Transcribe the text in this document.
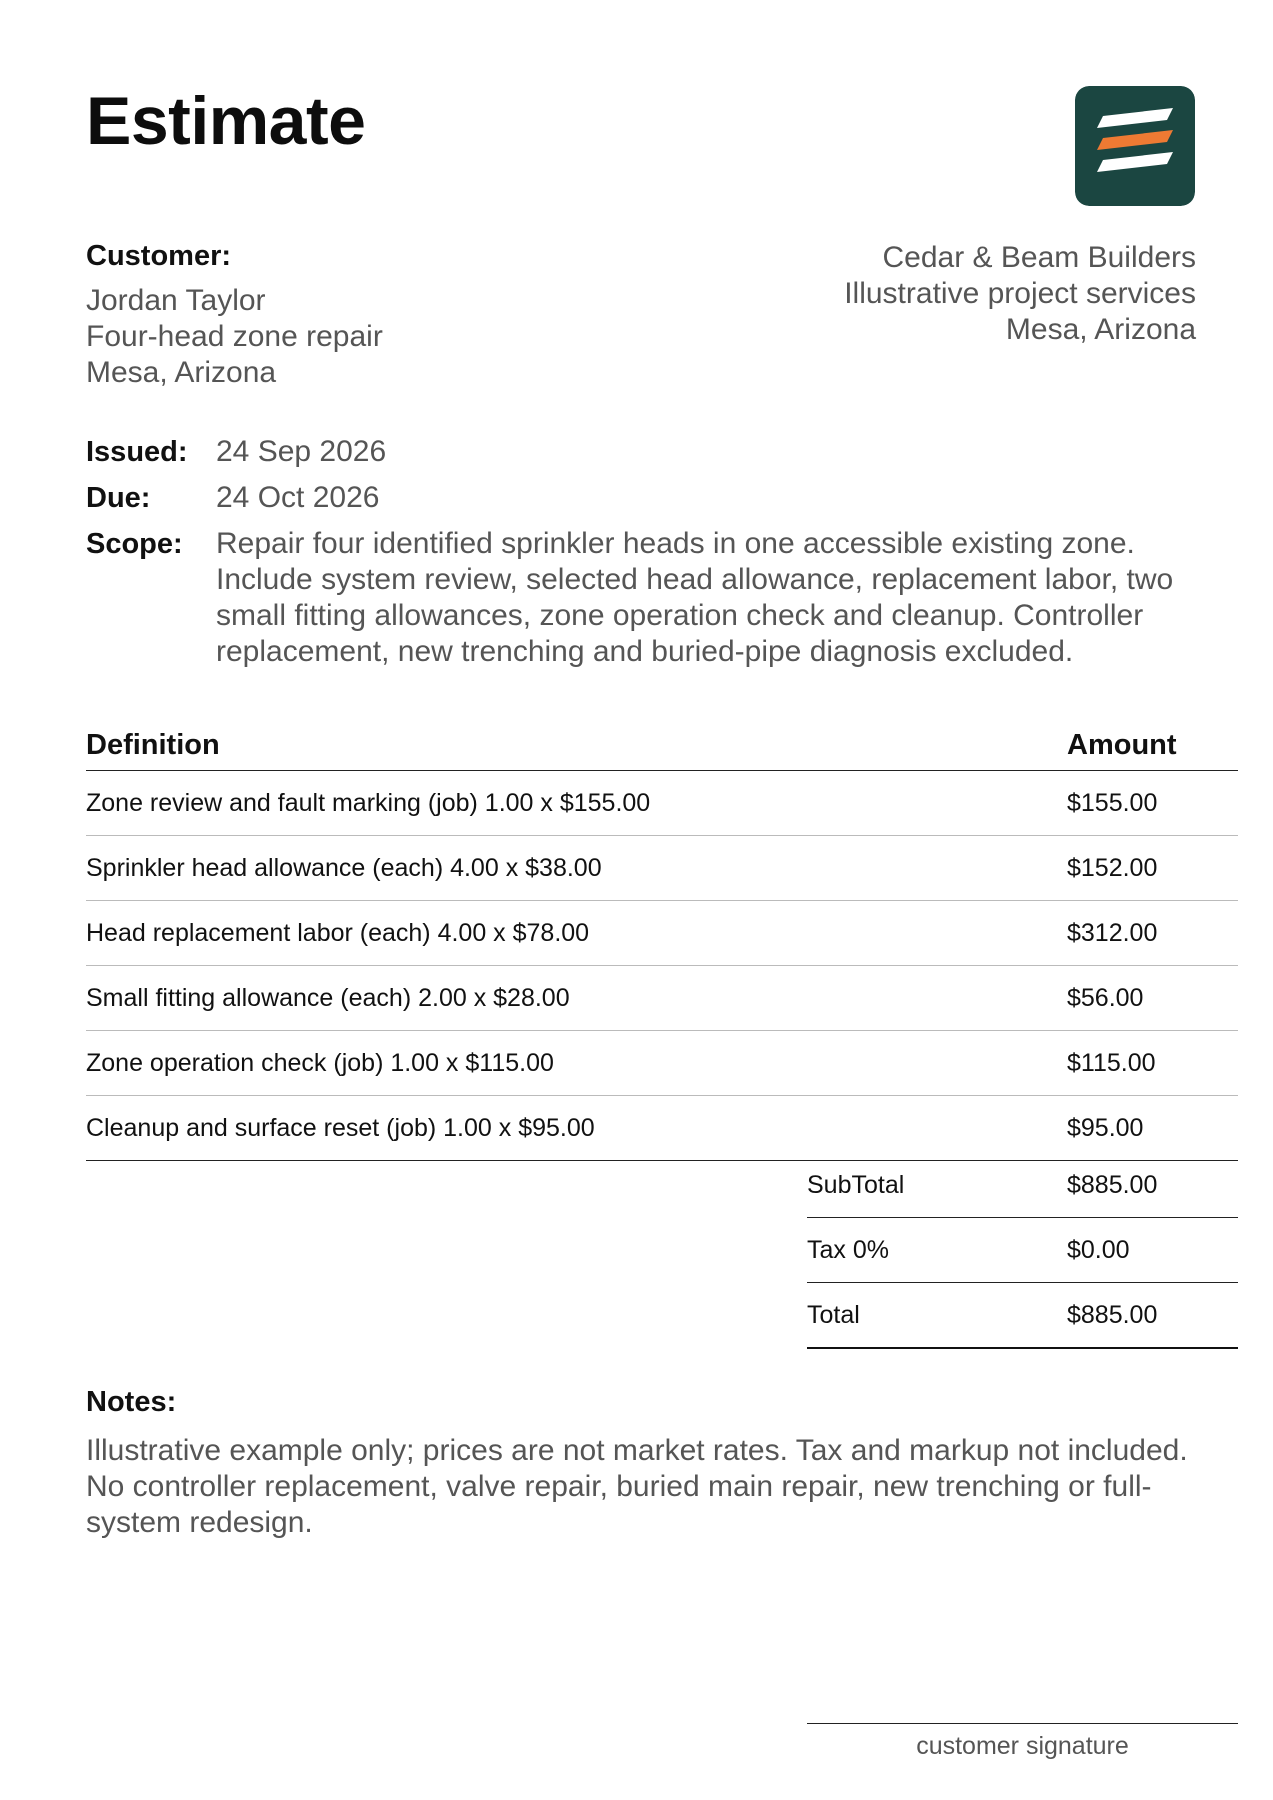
Estimate
Customer:
Jordan Taylor
Four-head zone repair
Mesa, Arizona
Cedar & Beam Builders
Illustrative project services
Mesa, Arizona
Issued: 24 Sep 2026
Due:	24 Oct 2026
Scope:	Repair four identified sprinkler heads in one accessible existing zone. Include system review, selected head allowance, replacement labor, two small fitting allowances, zone operation check and cleanup. Controller replacement, new trenching and buried-pipe diagnosis excluded.
Definition	Amount
Zone review and fault marking (job) 1.00 x $155.00	$155.00
Sprinkler head allowance (each) 4.00 x $38.00	$152.00
Head replacement labor (each) 4.00 x $78.00	$312.00
Small fitting allowance (each) 2.00 x $28.00	$56.00
Zone operation check (job) 1.00 x $115.00	$115.00
Cleanup and surface reset (job) 1.00 x $95.00	$95.00
SubTotal	$885.00
Tax 0%	$0.00
Total	$885.00
Notes:
Illustrative example only; prices are not market rates. Tax and markup not included. No controller replacement, valve repair, buried main repair, new trenching or full-system redesign.
customer signature
